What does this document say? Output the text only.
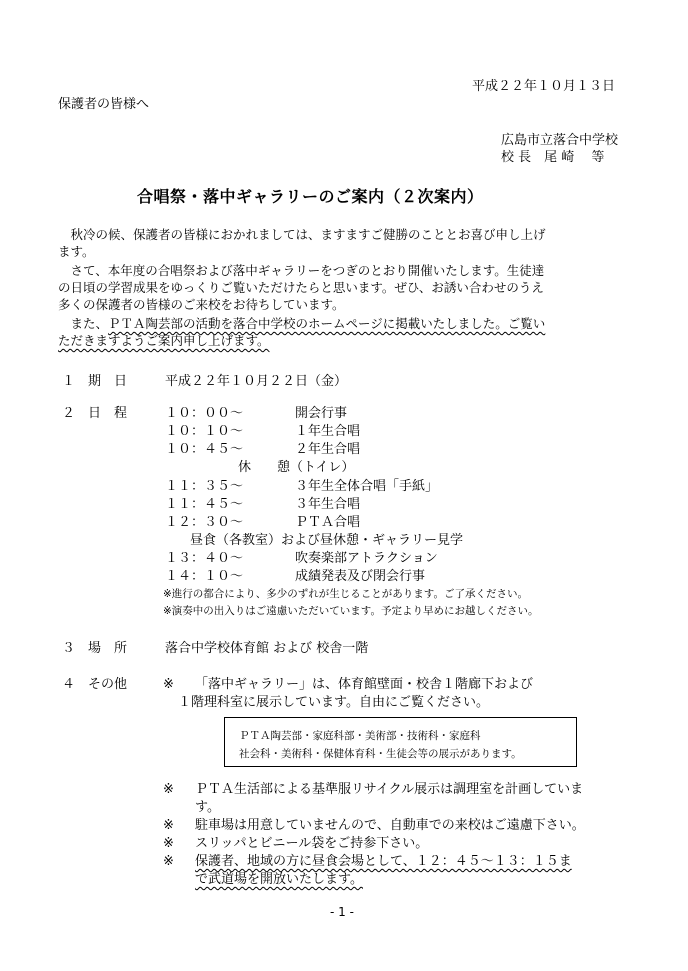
平成２２年１０月１３日
保護者の皆様へ
広島市立落合中学校
校 長　尾 崎　 等
合唱祭・落中ギャラリーのご案内（２次案内）
　秋冷の候、保護者の皆様におかれましては、ますますご健勝のこととお喜び申し上げ
ます。
　さて、本年度の合唱祭および落中ギャラリーをつぎのとおり開催いたします。生徒達
の日頃の学習成果をゆっくりご覧いただけたらと思います。ぜひ、お誘い合わせのうえ
多くの保護者の皆様のご来校をお待ちしています。
　また、ＰＴＡ陶芸部の活動を落合中学校のホームページに掲載いたしました。ご覧い
ただきますようご案内申し上げます。
１　期　日	平成２２年１０月２２日（金）
２　日　程	１０：００～	開会行事
１０：１０～	１年生合唱
１０：４５～	２年生合唱
休　　憩（トイレ）
１１：３５～	３年生全体合唱「手紙」
１１：４５～	３年生合唱
１２：３０～	ＰＴＡ合唱
昼食（各教室）および昼休憩・ギャラリー見学
１３：４０～	吹奏楽部アトラクション
１４：１０～	成績発表及び閉会行事
※進行の都合により、多少のずれが生じることがあります。ご了承ください。
※演奏中の出入りはご遠慮いただいています。予定より早めにお越しください。
３　場　所	落合中学校体育館 および 校舎一階
４　その他	※ 「落中ギャラリー」は、体育館壁面・校舎１階廊下および
１階理科室に展示しています。自由にご覧ください。
ＰＴＡ陶芸部・家庭科部・美術部・技術科・家庭科
社会科・美術科・保健体育科・生徒会等の展示があります。
※ ＰＴＡ生活部による基準服リサイクル展示は調理室を計画していま
す。
※ 駐車場は用意していませんので、自動車での来校はご遠慮下さい。
※ スリッパとビニール袋をご持参下さい。
※ 保護者、地域の方に昼食会場として、１２：４５～１３：１５ま
で武道場を開放いたします。
- 1 -
